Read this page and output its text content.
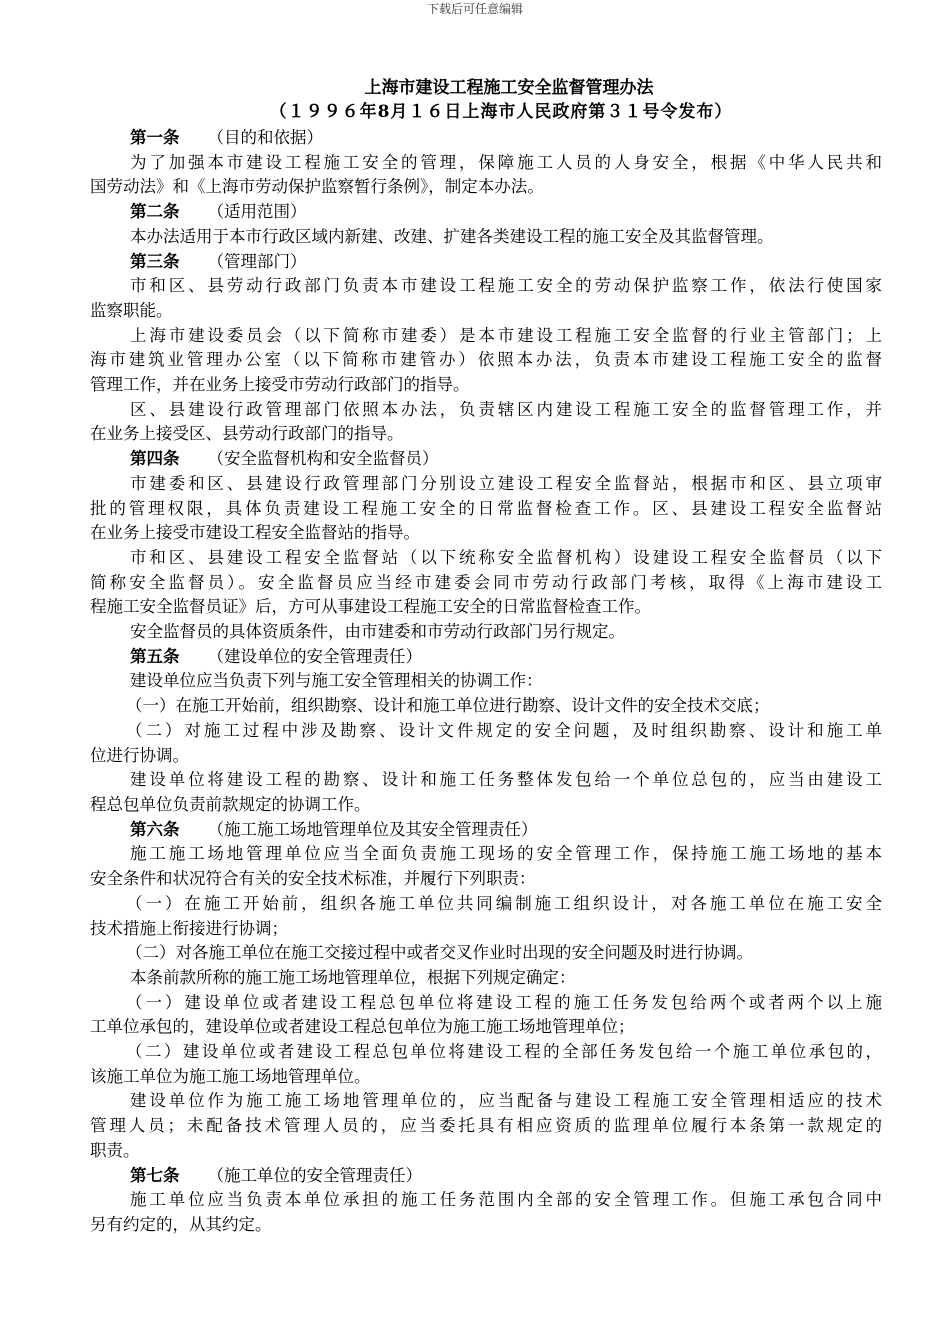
下载后可任意编辑
上海市建设工程施工安全监督管理办法
（１９９６年8月１６日上海市人民政府第３１号令发布）
第一条 （目的和依据）
为了加强本市建设工程施工安全的管理，保障施工人员的人身安全，根据《中华人民共和
国劳动法》和《上海市劳动保护监察暂行条例》，制定本办法。
第二条 （适用范围）
本办法适用于本市行政区域内新建、改建、扩建各类建设工程的施工安全及其监督管理。
第三条 （管理部门）
市和区、县劳动行政部门负责本市建设工程施工安全的劳动保护监察工作，依法行使国家
监察职能。
上海市建设委员会（以下简称市建委）是本市建设工程施工安全监督的行业主管部门；上
海市建筑业管理办公室（以下简称市建管办）依照本办法，负责本市建设工程施工安全的监督
管理工作，并在业务上接受市劳动行政部门的指导。
区、县建设行政管理部门依照本办法，负责辖区内建设工程施工安全的监督管理工作，并
在业务上接受区、县劳动行政部门的指导。
第四条 （安全监督机构和安全监督员）
市建委和区、县建设行政管理部门分别设立建设工程安全监督站，根据市和区、县立项审
批的管理权限，具体负责建设工程施工安全的日常监督检查工作。区、县建设工程安全监督站
在业务上接受市建设工程安全监督站的指导。
市和区、县建设工程安全监督站（以下统称安全监督机构）设建设工程安全监督员（以下
简称安全监督员）。安全监督员应当经市建委会同市劳动行政部门考核，取得《上海市建设工
程施工安全监督员证》后，方可从事建设工程施工安全的日常监督检查工作。
安全监督员的具体资质条件，由市建委和市劳动行政部门另行规定。
第五条 （建设单位的安全管理责任）
建设单位应当负责下列与施工安全管理相关的协调工作：
（一）在施工开始前，组织勘察、设计和施工单位进行勘察、设计文件的安全技术交底；
（二）对施工过程中涉及勘察、设计文件规定的安全问题，及时组织勘察、设计和施工单
位进行协调。
建设单位将建设工程的勘察、设计和施工任务整体发包给一个单位总包的，应当由建设工
程总包单位负责前款规定的协调工作。
第六条 （施工施工场地管理单位及其安全管理责任）
施工施工场地管理单位应当全面负责施工现场的安全管理工作，保持施工施工场地的基本
安全条件和状况符合有关的安全技术标准，并履行下列职责：
（一）在施工开始前，组织各施工单位共同编制施工组织设计，对各施工单位在施工安全
技术措施上衔接进行协调；
（二）对各施工单位在施工交接过程中或者交叉作业时出现的安全问题及时进行协调。
本条前款所称的施工施工场地管理单位，根据下列规定确定：
（一）建设单位或者建设工程总包单位将建设工程的施工任务发包给两个或者两个以上施
工单位承包的，建设单位或者建设工程总包单位为施工施工场地管理单位；
（二）建设单位或者建设工程总包单位将建设工程的全部任务发包给一个施工单位承包的，
该施工单位为施工施工场地管理单位。
建设单位作为施工施工场地管理单位的，应当配备与建设工程施工安全管理相适应的技术
管理人员；未配备技术管理人员的，应当委托具有相应资质的监理单位履行本条第一款规定的
职责。
第七条 （施工单位的安全管理责任）
施工单位应当负责本单位承担的施工任务范围内全部的安全管理工作。但施工承包合同中
另有约定的，从其约定。
